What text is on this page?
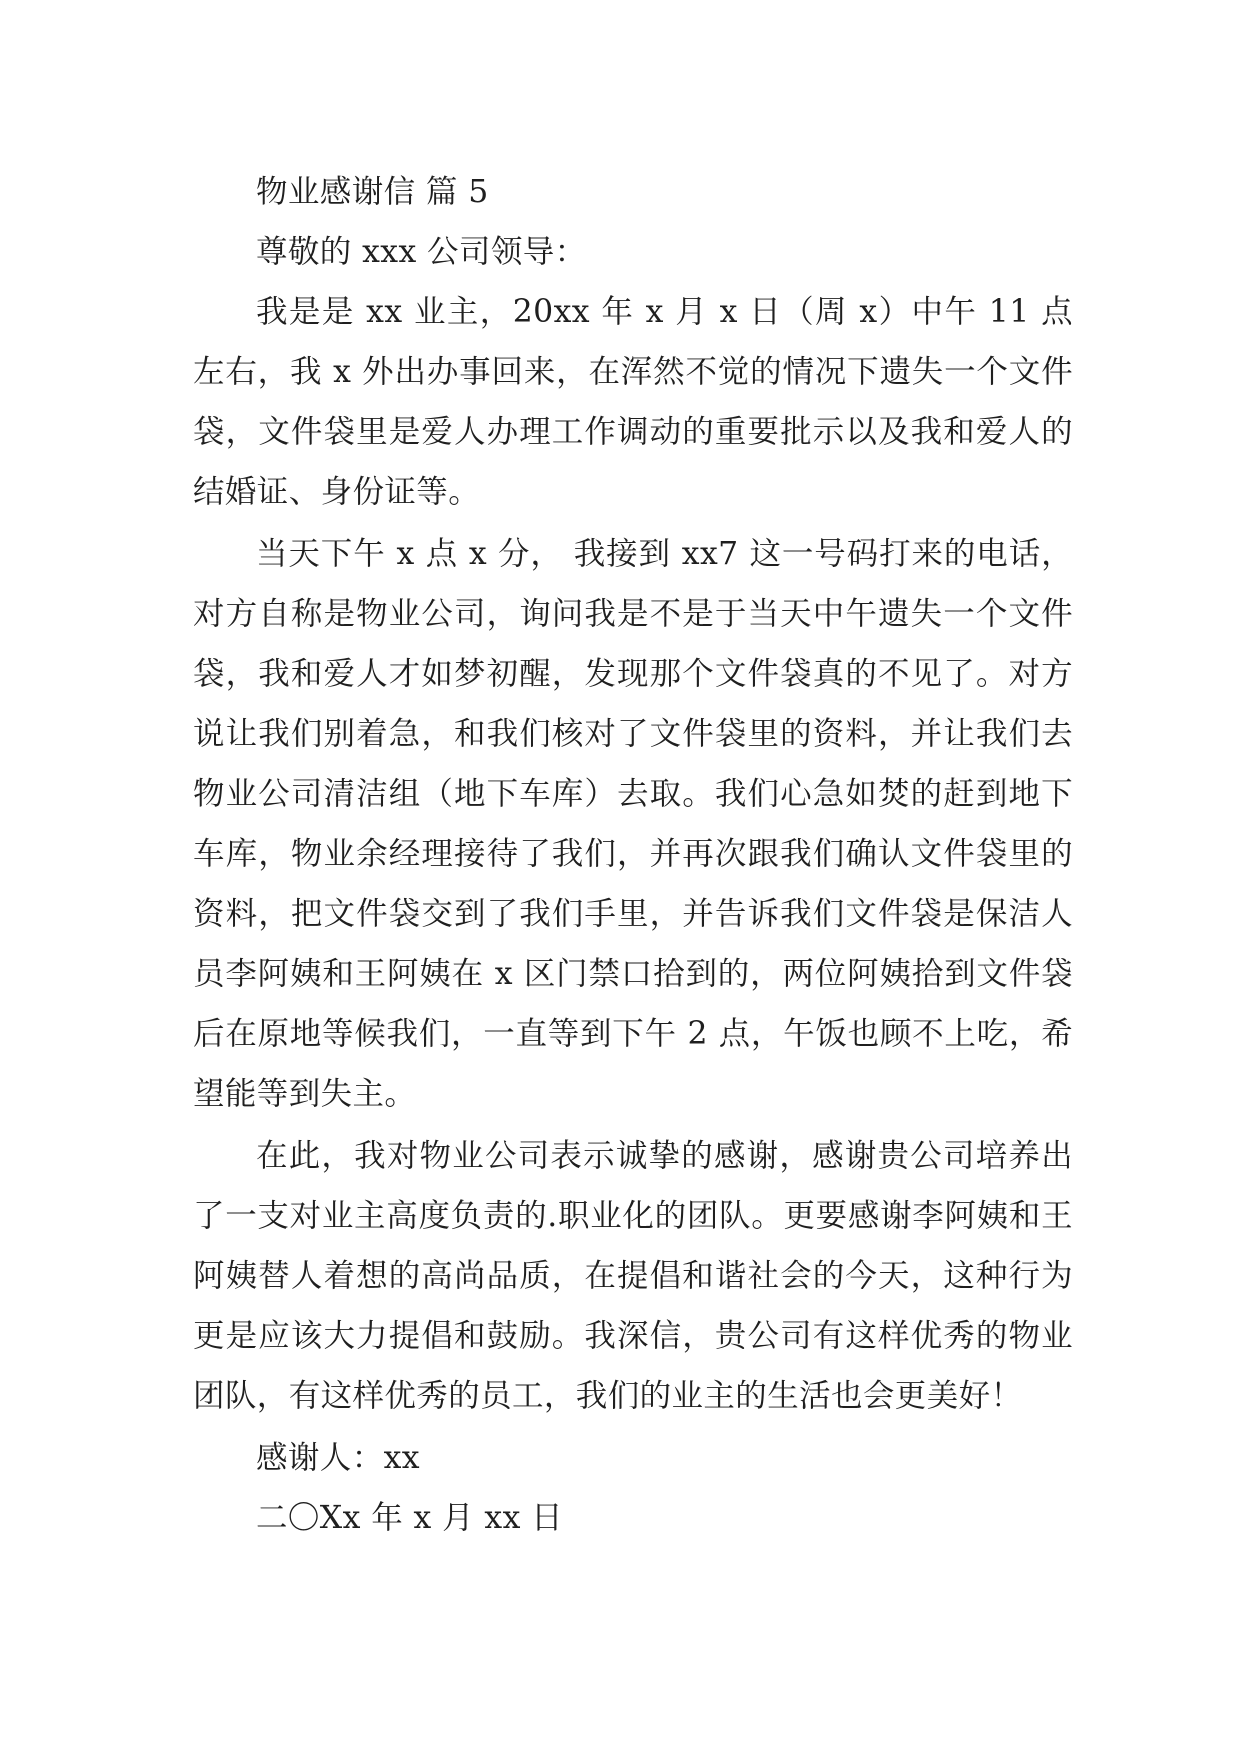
物业感谢信 篇 5

尊敬的 xxx 公司领导：

我是是 xx 业主，20xx 年 x 月 x 日（周 x）中午 11 点左右，我 x 外出办事回来，在浑然不觉的情况下遗失一个文件袋，文件袋里是爱人办理工作调动的重要批示以及我和爱人的结婚证、身份证等。

当天下午 x 点 x 分， 我接到 xx7 这一号码打来的电话，对方自称是物业公司，询问我是不是于当天中午遗失一个文件袋，我和爱人才如梦初醒，发现那个文件袋真的不见了。对方说让我们别着急，和我们核对了文件袋里的资料，并让我们去物业公司清洁组（地下车库）去取。我们心急如焚的赶到地下车库，物业余经理接待了我们，并再次跟我们确认文件袋里的资料，把文件袋交到了我们手里，并告诉我们文件袋是保洁人员李阿姨和王阿姨在 x 区门禁口拾到的，两位阿姨拾到文件袋后在原地等候我们，一直等到下午 2 点，午饭也顾不上吃，希望能等到失主。

在此，我对物业公司表示诚挚的感谢，感谢贵公司培养出了一支对业主高度负责的.职业化的团队。更要感谢李阿姨和王阿姨替人着想的高尚品质，在提倡和谐社会的今天，这种行为更是应该大力提倡和鼓励。我深信，贵公司有这样优秀的物业团队，有这样优秀的员工，我们的业主的生活也会更美好！

感谢人：xx

二〇Xx 年 x 月 xx 日
